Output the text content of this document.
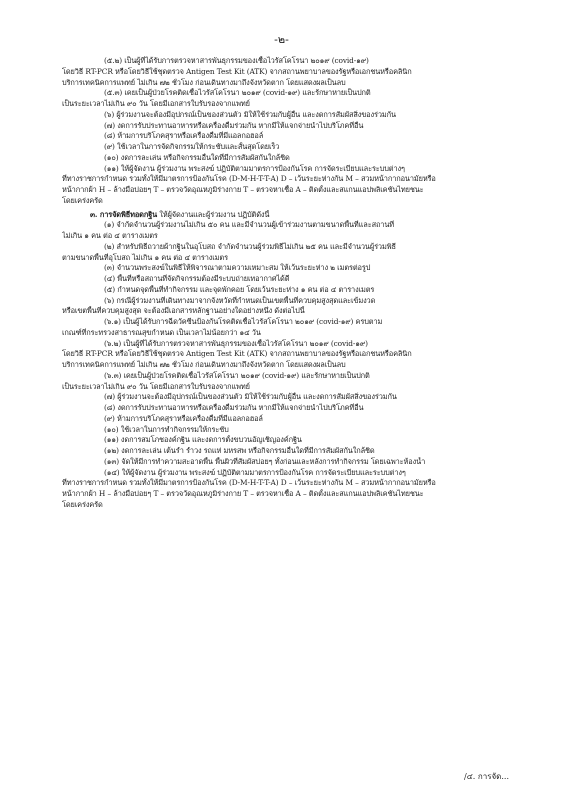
-๒-
(๕.๒) เป็นผู้ที่ได้รับการตรวจหาสารพันธุกรรมของเชื้อไวรัสโคโรนา ๒๐๑๙ (covid-๑๙)
โดยวิธี RT-PCR หรือโดยวิธีใช้ชุดตรวจ Antigen Test Kit (ATK) จากสถานพยาบาลของรัฐหรือเอกชนหรือคลินิก
บริการเทคนิคการแพทย์ ไม่เกิน ๗๒ ชั่วโมง ก่อนเดินทางมาถึงจังหวัดตาก โดยแสดงผลเป็นลบ
(๕.๓) เคยเป็นผู้ป่วยโรคติดเชื้อไวรัสโคโรนา ๒๐๑๙ (covid-๑๙) และรักษาหายเป็นปกติ
เป็นระยะเวลาไม่เกิน ๙๐ วัน โดยมีเอกสารใบรับรองจากแพทย์
(๖) ผู้ร่วมงานจะต้องมีอุปกรณ์เป็นของส่วนตัว มิให้ใช้ร่วมกับผู้อื่น และงดการสัมผัสสิ่งของร่วมกัน
(๗) งดการรับประทานอาหารหรือเครื่องดื่มร่วมกัน หากมีให้แจกจ่ายนำไปบริโภคที่อื่น
(๘) ห้ามการบริโภคสุราหรือเครื่องดื่มที่มีแอลกอฮอล์
(๙) ใช้เวลาในการจัดกิจกรรมให้กระชับและสั้นสุดโดยเร็ว
(๑๐) งดการละเล่น หรือกิจกรรมอื่นใดที่มีการสัมผัสกันใกล้ชิด
(๑๑) ให้ผู้จัดงาน ผู้ร่วมงาน พระสงฆ์ ปฏิบัติตามมาตรการป้องกันโรค การจัดระเบียบและระบบต่างๆ
ที่ทางราชการกำหนด รวมทั้งให้มีมาตรการป้องกันโรค (D-M-H-T-T-A) D – เว้นระยะห่างกัน M – สวมหน้ากากอนามัยหรือ
หน้ากากผ้า H – ล้างมือบ่อยๆ T – ตรวจวัดอุณหภูมิร่างกาย T – ตรวจหาเชื้อ A – ติดตั้งและสแกนแอปพลิเคชันไทยชนะ
โดยเคร่งครัด
๓. การจัดพิธีทอดกฐิน ให้ผู้จัดงานและผู้ร่วมงาน ปฏิบัติดังนี้
(๑) จำกัดจำนวนผู้ร่วมงานไม่เกิน ๕๐ คน และมีจำนวนผู้เข้าร่วมงานตามขนาดพื้นที่และสถานที่
ไม่เกิน ๑ คน ต่อ ๔ ตารางเมตร
(๒) สำหรับพิธีถวายผ้ากฐินในอุโบสถ จำกัดจำนวนผู้ร่วมพิธีไม่เกิน ๒๕ คน และมีจำนวนผู้ร่วมพิธี
ตามขนาดพื้นที่อุโบสถ ไม่เกิน ๑ คน ต่อ ๔ ตารางเมตร
(๓) จำนวนพระสงฆ์ในพิธีให้พิจารณาตามความเหมาะสม ให้เว้นระยะห่าง ๒ เมตรต่อรูป
(๔) พื้นที่หรือสถานที่จัดกิจกรรมต้องมีระบบถ่ายเทอากาศได้ดี
(๕) กำหนดจุดพื้นที่ทำกิจกรรม และจุดพักคอย โดยเว้นระยะห่าง ๑ คน ต่อ ๔ ตารางเมตร
(๖) กรณีผู้ร่วมงานที่เดินทางมาจากจังหวัดที่กำหนดเป็นเขตพื้นที่ควบคุมสูงสุดและเข้มงวด
หรือเขตพื้นที่ควบคุมสูงสุด จะต้องมีเอกสารหลักฐานอย่างใดอย่างหนึ่ง ดังต่อไปนี้
(๖.๑) เป็นผู้ได้รับการฉีดวัคซีนป้องกันโรคติดเชื้อไวรัสโคโรนา ๒๐๑๙ (covid-๑๙) ครบตาม
เกณฑ์ที่กระทรวงสาธารณสุขกำหนด เป็นเวลาไม่น้อยกว่า ๑๔ วัน
(๖.๒) เป็นผู้ที่ได้รับการตรวจหาสารพันธุกรรมของเชื้อไวรัสโคโรนา ๒๐๑๙ (covid-๑๙)
โดยวิธี RT-PCR หรือโดยวิธีใช้ชุดตรวจ Antigen Test Kit (ATK) จากสถานพยาบาลของรัฐหรือเอกชนหรือคลินิก
บริการเทคนิคการแพทย์ ไม่เกิน ๗๒ ชั่วโมง ก่อนเดินทางมาถึงจังหวัดตาก โดยแสดงผลเป็นลบ
(๖.๓) เคยเป็นผู้ป่วยโรคติดเชื้อไวรัสโคโรนา ๒๐๑๙ (covid-๑๙) และรักษาหายเป็นปกติ
เป็นระยะเวลาไม่เกิน ๙๐ วัน โดยมีเอกสารใบรับรองจากแพทย์
(๗) ผู้ร่วมงานจะต้องมีอุปกรณ์เป็นของส่วนตัว มิให้ใช้ร่วมกับผู้อื่น และงดการสัมผัสสิ่งของร่วมกัน
(๘) งดการรับประทานอาหารหรือเครื่องดื่มร่วมกัน หากมีให้แจกจ่ายนำไปบริโภคที่อื่น
(๙) ห้ามการบริโภคสุราหรือเครื่องดื่มที่มีแอลกอฮอล์
(๑๐) ใช้เวลาในการทำกิจกรรมให้กระชับ
(๑๑) งดการสมโภชองค์กฐิน และงดการตั้งขบวนอัญเชิญองค์กฐิน
(๑๒) งดการละเล่น เต้นรำ รำวง รถแห่ มหรสพ หรือกิจกรรมอื่นใดที่มีการสัมผัสกันใกล้ชิด
(๑๓) จัดให้มีการทำความสะอาดพื้น พื้นผิวที่สัมผัสบ่อยๆ ทั้งก่อนและหลังการทำกิจกรรม โดยเฉพาะห้องน้ำ
(๑๔) ให้ผู้จัดงาน ผู้ร่วมงาน พระสงฆ์ ปฏิบัติตามมาตรการป้องกันโรค การจัดระเบียบและระบบต่างๆ
ที่ทางราชการกำหนด รวมทั้งให้มีมาตรการป้องกันโรค (D-M-H-T-T-A) D – เว้นระยะห่างกัน M – สวมหน้ากากอนามัยหรือ
หน้ากากผ้า H – ล้างมือบ่อยๆ T – ตรวจวัดอุณหภูมิร่างกาย T – ตรวจหาเชื้อ A – ติดตั้งและสแกนแอปพลิเคชันไทยชนะ
โดยเคร่งครัด
/๔. การจัด...
